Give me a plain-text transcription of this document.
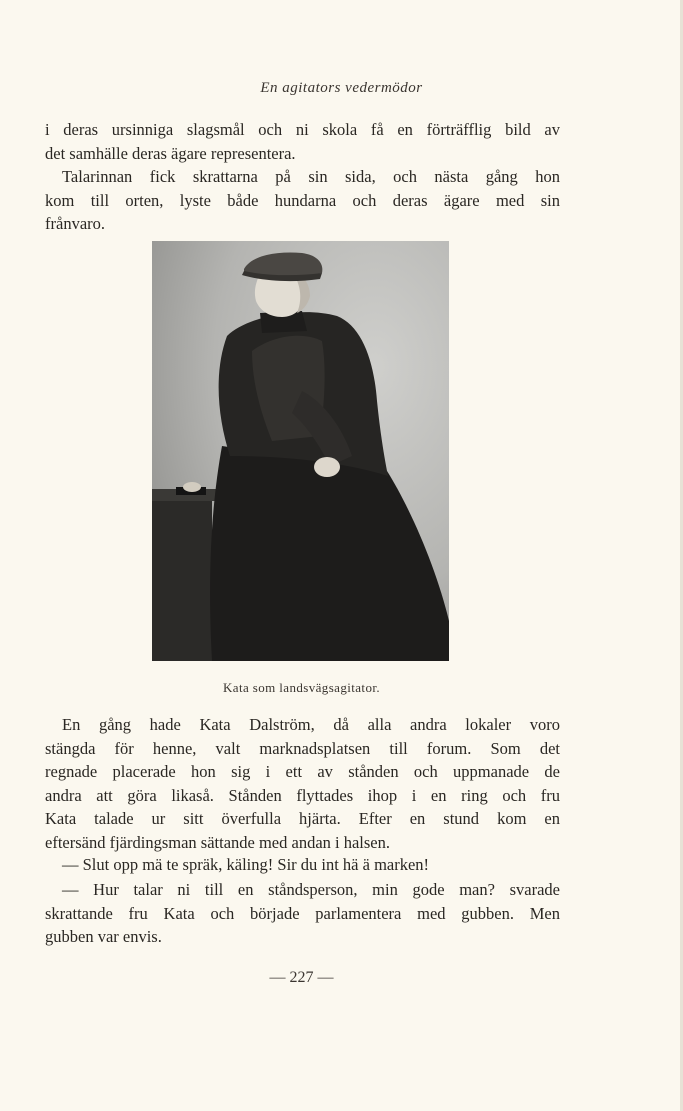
En agitators vedermödor
i deras ursinniga slagsmål och ni skola få en förträfflig bild av
det samhälle deras ägare representera.
Talarinnan fick skrattarna på sin sida, och nästa gång hon
kom till orten, lyste både hundarna och deras ägare med sin
frånvaro.
Kata som landsvägsagitator.
En gång hade Kata Dalström, då alla andra lokaler voro
stängda för henne, valt marknadsplatsen till forum. Som det
regnade placerade hon sig i ett av stånden och uppmanade de
andra att göra likaså. Stånden flyttades ihop i en ring och fru
Kata talade ur sitt överfulla hjärta. Efter en stund kom en
eftersänd fjärdingsman sättande med andan i halsen.
— Slut opp mä te spräk, käling! Sir du int hä ä marken!
— Hur talar ni till en ståndsperson, min gode man? svarade
skrattande fru Kata och började parlamentera med gubben. Men
gubben var envis.
— 227 —
